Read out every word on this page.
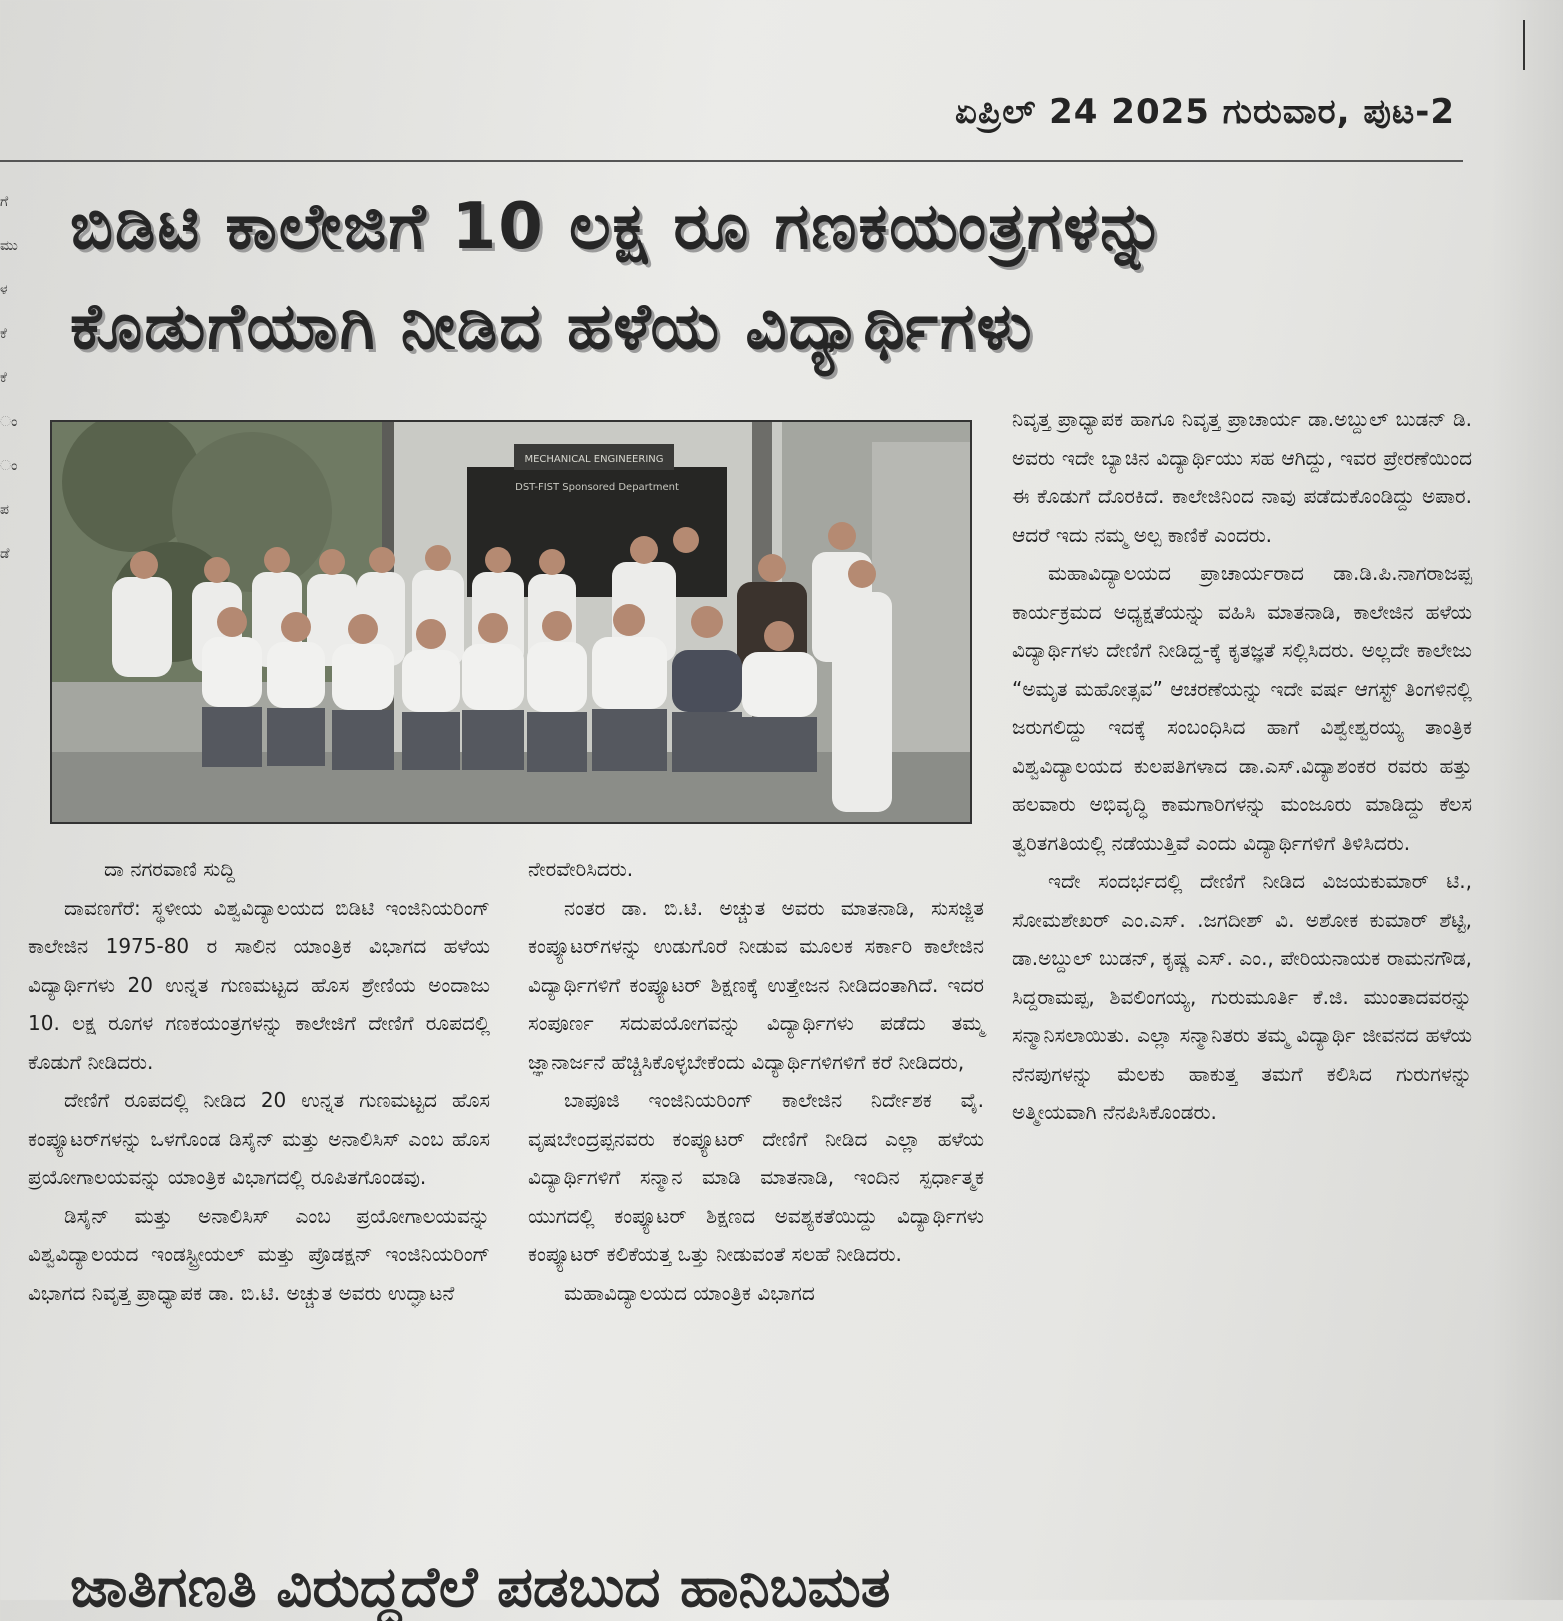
ಏಪ್ರಿಲ್ 24 2025 ಗುರುವಾರ, ಪುಟ-2
ಗೆ
ಮು
ಳ
ಕೆ
ಕೆ
ಂ
ಂ
ಪ
ಡೆ
ಬಿಡಿಟಿ ಕಾಲೇಜಿಗೆ 10 ಲಕ್ಷ ರೂ ಗಣಕಯಂತ್ರಗಳನ್ನು
ಕೊಡುಗೆಯಾಗಿ ನೀಡಿದ ಹಳೆಯ ವಿದ್ಯಾರ್ಥಿಗಳು
MECHANICAL ENGINEERING
DST-FIST Sponsored Department

ದಾ ನಗರವಾಣಿ ಸುದ್ದಿ

ದಾವಣಗೆರೆ: ಸ್ಥಳೀಯ ವಿಶ್ವವಿದ್ಯಾಲಯದ ಬಿಡಿಟಿ ಇಂಜಿನಿಯರಿಂಗ್ ಕಾಲೇಜಿನ 1975-80 ರ ಸಾಲಿನ ಯಾಂತ್ರಿಕ ವಿಭಾಗದ ಹಳೆಯ ವಿದ್ಯಾರ್ಥಿಗಳು 20 ಉನ್ನತ ಗುಣಮಟ್ಟದ ಹೊಸ ಶ್ರೇಣಿಯ ಅಂದಾಜು 10. ಲಕ್ಷ ರೂಗಳ ಗಣಕಯಂತ್ರಗಳನ್ನು ಕಾಲೇಜಿಗೆ ದೇಣಿಗೆ ರೂಪದಲ್ಲಿ ಕೊಡುಗೆ ನೀಡಿದರು.

ದೇಣಿಗೆ ರೂಪದಲ್ಲಿ ನೀಡಿದ 20 ಉನ್ನತ ಗುಣಮಟ್ಟದ ಹೊಸ ಕಂಪ್ಯೂಟರ್‌ಗಳನ್ನು ಒಳಗೊಂಡ ಡಿಸೈನ್ ಮತ್ತು ಅನಾಲಿಸಿಸ್ ಎಂಬ ಹೊಸ ಪ್ರಯೋಗಾಲಯವನ್ನು ಯಾಂತ್ರಿಕ ವಿಭಾಗದಲ್ಲಿ ರೂಪಿತಗೊಂಡವು.

ಡಿಸೈನ್ ಮತ್ತು ಅನಾಲಿಸಿಸ್ ಎಂಬ ಪ್ರಯೋಗಾಲಯವನ್ನು ವಿಶ್ವವಿದ್ಯಾಲಯದ ಇಂಡಸ್ಟ್ರೀಯಲ್ ಮತ್ತು ಪ್ರೊಡಕ್ಷನ್ ಇಂಜಿನಿಯರಿಂಗ್ ವಿಭಾಗದ ನಿವೃತ್ತ ಪ್ರಾಧ್ಯಾಪಕ ಡಾ. ಬಿ.ಟಿ. ಅಚ್ಚುತ ಅವರು ಉದ್ಘಾಟನೆ

ನೇರವೇರಿಸಿದರು.

ನಂತರ ಡಾ. ಬಿ.ಟಿ. ಅಚ್ಚುತ ಅವರು ಮಾತನಾಡಿ, ಸುಸಜ್ಜಿತ ಕಂಪ್ಯೂಟರ್‌ಗಳನ್ನು ಉಡುಗೊರೆ ನೀಡುವ ಮೂಲಕ ಸರ್ಕಾರಿ ಕಾಲೇಜಿನ ವಿದ್ಯಾರ್ಥಿಗಳಿಗೆ ಕಂಪ್ಯೂಟರ್ ಶಿಕ್ಷಣಕ್ಕೆ ಉತ್ತೇಜನ ನೀಡಿದಂತಾಗಿದೆ. ಇದರ ಸಂಪೂರ್ಣ ಸದುಪಯೋಗವನ್ನು ವಿದ್ಯಾರ್ಥಿಗಳು ಪಡೆದು ತಮ್ಮ ಜ್ಞಾನಾರ್ಜನೆ ಹೆಚ್ಚಿಸಿಕೊಳ್ಳಬೇಕೆಂದು ವಿದ್ಯಾರ್ಥಿಗಳಿಗಳಿಗೆ ಕರೆ ನೀಡಿದರು,

ಬಾಪೂಜಿ ಇಂಜಿನಿಯರಿಂಗ್ ಕಾಲೇಜಿನ ನಿರ್ದೇಶಕ ವೈ. ವೃಷಬೇಂದ್ರಪ್ಪನವರು ಕಂಪ್ಯೂಟರ್ ದೇಣಿಗೆ ನೀಡಿದ ಎಲ್ಲಾ ಹಳೆಯ ವಿದ್ಯಾರ್ಥಿಗಳಿಗೆ ಸನ್ಮಾನ ಮಾಡಿ ಮಾತನಾಡಿ, ಇಂದಿನ ಸ್ಪರ್ಧಾತ್ಮಕ ಯುಗದಲ್ಲಿ ಕಂಪ್ಯೂಟರ್ ಶಿಕ್ಷಣದ ಅವಶ್ಯಕತೆಯಿದ್ದು ವಿದ್ಯಾರ್ಥಿಗಳು ಕಂಪ್ಯೂಟರ್ ಕಲಿಕೆಯತ್ತ ಒತ್ತು ನೀಡುವಂತೆ ಸಲಹೆ ನೀಡಿದರು.

ಮಹಾವಿದ್ಯಾಲಯದ ಯಾಂತ್ರಿಕ ವಿಭಾಗದ

ನಿವೃತ್ತ ಪ್ರಾಧ್ಯಾಪಕ ಹಾಗೂ ನಿವೃತ್ತ ಪ್ರಾಚಾರ್ಯ ಡಾ.ಅಬ್ದುಲ್ ಬುಡನ್ ಡಿ. ಅವರು ಇದೇ ಬ್ಯಾಚಿನ ವಿದ್ಯಾರ್ಥಿಯು ಸಹ ಆಗಿದ್ದು, ಇವರ ಪ್ರೇರಣೆಯಿಂದ ಈ ಕೊಡುಗೆ ದೊರಕಿದೆ. ಕಾಲೇಜಿನಿಂದ ನಾವು ಪಡೆದುಕೊಂಡಿದ್ದು ಅಪಾರ. ಆದರೆ ಇದು ನಮ್ಮ ಅಲ್ಪ ಕಾಣಿಕೆ ಎಂದರು.

ಮಹಾವಿದ್ಯಾಲಯದ ಪ್ರಾಚಾರ್ಯರಾದ ಡಾ.ಡಿ.ಪಿ.ನಾಗರಾಜಪ್ಪ ಕಾರ್ಯಕ್ರಮದ ಅಧ್ಯಕ್ಷತೆಯನ್ನು ವಹಿಸಿ ಮಾತನಾಡಿ, ಕಾಲೇಜಿನ ಹಳೆಯ ವಿದ್ಯಾರ್ಥಿಗಳು ದೇಣಿಗೆ ನೀಡಿದ್ದ-ಕ್ಕೆ ಕೃತಜ್ಞತೆ ಸಲ್ಲಿಸಿದರು. ಅಲ್ಲದೇ ಕಾಲೇಜು “ಅಮೃತ ಮಹೋತ್ಸವ” ಆಚರಣೆಯನ್ನು ಇದೇ ವರ್ಷ ಆಗಸ್ಟ್ ತಿಂಗಳಿನಲ್ಲಿ ಜರುಗಲಿದ್ದು ಇದಕ್ಕೆ ಸಂಬಂಧಿಸಿದ ಹಾಗೆ ವಿಶ್ವೇಶ್ವರಯ್ಯ ತಾಂತ್ರಿಕ ವಿಶ್ವವಿದ್ಯಾಲಯದ ಕುಲಪತಿಗಳಾದ ಡಾ.ಎಸ್.ವಿದ್ಯಾಶಂಕರ ರವರು ಹತ್ತು ಹಲವಾರು ಅಭಿವೃದ್ಧಿ ಕಾಮಗಾರಿಗಳನ್ನು ಮಂಜೂರು ಮಾಡಿದ್ದು ಕೆಲಸ ತ್ವರಿತಗತಿಯಲ್ಲಿ ನಡೆಯುತ್ತಿವೆ ಎಂದು ವಿದ್ಯಾರ್ಥಿಗಳಿಗೆ ತಿಳಿಸಿದರು.

ಇದೇ ಸಂದರ್ಭದಲ್ಲಿ ದೇಣಿಗೆ ನೀಡಿದ ವಿಜಯಕುಮಾರ್ ಟಿ., ಸೋಮಶೇಖರ್ ಎಂ.ಎಸ್. .ಜಗದೀಶ್ ವಿ. ಅಶೋಕ ಕುಮಾರ್ ಶೆಟ್ಟಿ, ಡಾ.ಅಬ್ದುಲ್ ಬುಡನ್, ಕೃಷ್ಣ ಎಸ್. ಎಂ., ಪೇರಿಯನಾಯಕ ರಾಮನಗೌಡ, ಸಿದ್ದರಾಮಪ್ಪ, ಶಿವಲಿಂಗಯ್ಯ, ಗುರುಮೂರ್ತಿ ಕೆ.ಜಿ. ಮುಂತಾದವರನ್ನು ಸನ್ಮಾನಿಸಲಾಯಿತು. ಎಲ್ಲಾ ಸನ್ಮಾನಿತರು ತಮ್ಮ ವಿದ್ಯಾರ್ಥಿ ಜೀವನದ ಹಳೆಯ ನೆನಪುಗಳನ್ನು ಮೆಲಕು ಹಾಕುತ್ತ ತಮಗೆ ಕಲಿಸಿದ ಗುರುಗಳನ್ನು ಅತ್ಮೀಯವಾಗಿ ನೆನಪಿಸಿಕೊಂಡರು.

ಜಾತಿಗಣತಿ ವಿರುದ್ಧದೆಲೆ ಪಡಬುದ ಹಾನಿಬಮತ
